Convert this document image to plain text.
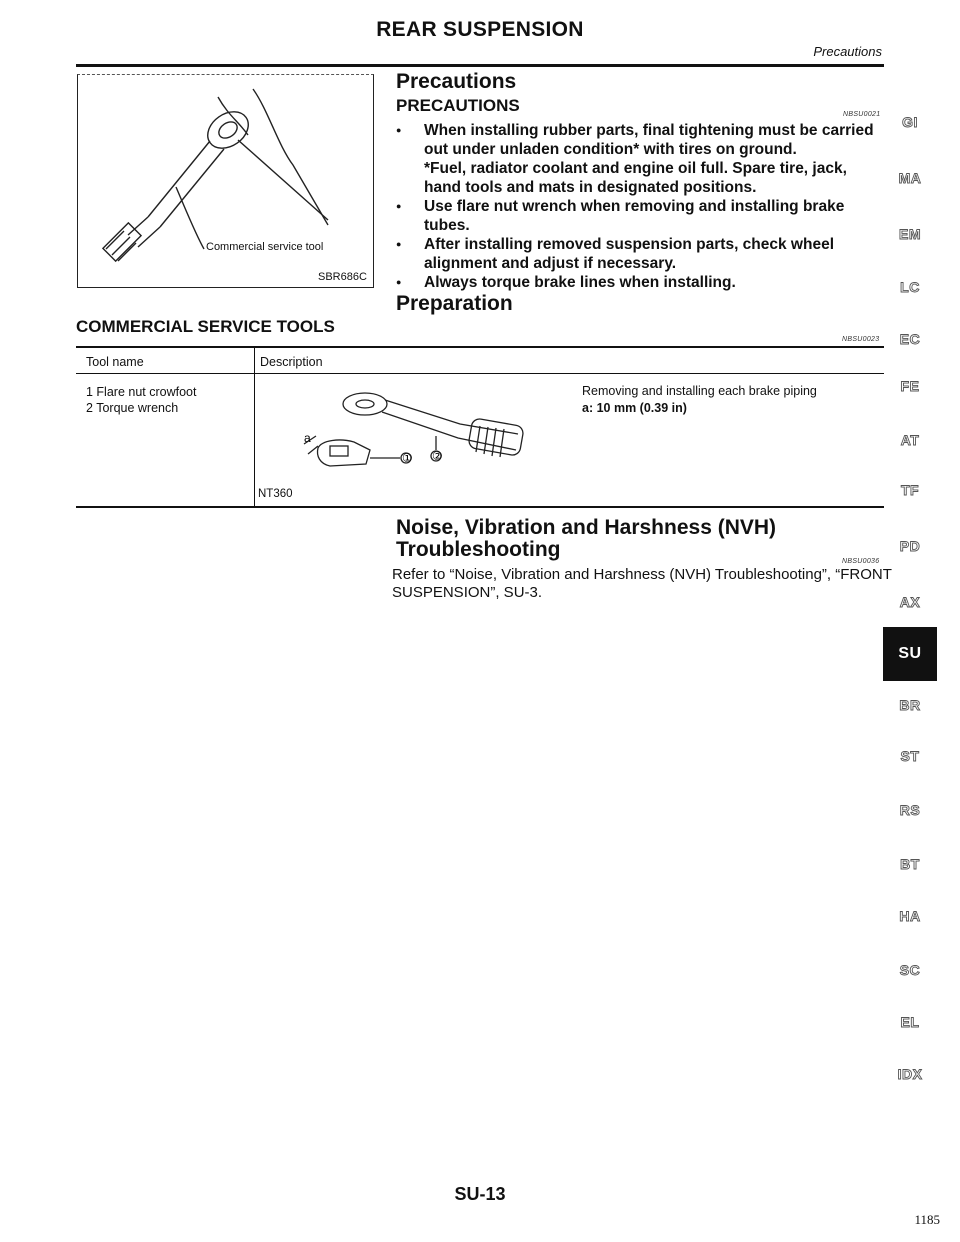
REAR SUSPENSION
Precautions
Commercial service tool
SBR686C
Precautions
PRECAUTIONS	NBSU0021
● When installing rubber parts, final tightening must be carried out under unladen condition* with tires on ground.
*Fuel, radiator coolant and engine oil full. Spare tire, jack, hand tools and mats in designated positions.
● Use flare nut wrench when removing and installing brake tubes.
● After installing removed suspension parts, check wheel alignment and adjust if necessary.
● Always torque brake lines when installing.
Preparation
COMMERCIAL SERVICE TOOLS
NBSU0023
Tool name	Description
1 Flare nut crowfoot
2 Torque wrench
a
① ②
Removing and installing each brake piping
a: 10 mm (0.39 in)
NT360
Noise, Vibration and Harshness (NVH)
Troubleshooting
NBSU0036
Refer to “Noise, Vibration and Harshness (NVH) Troubleshooting”, “FRONT SUSPENSION”, SU-3.
GI
MA
EM
LC
EC
FE
AT
TF
PD
AX
SU
BR
ST
RS
BT
HA
SC
EL
IDX
SU-13
1185
